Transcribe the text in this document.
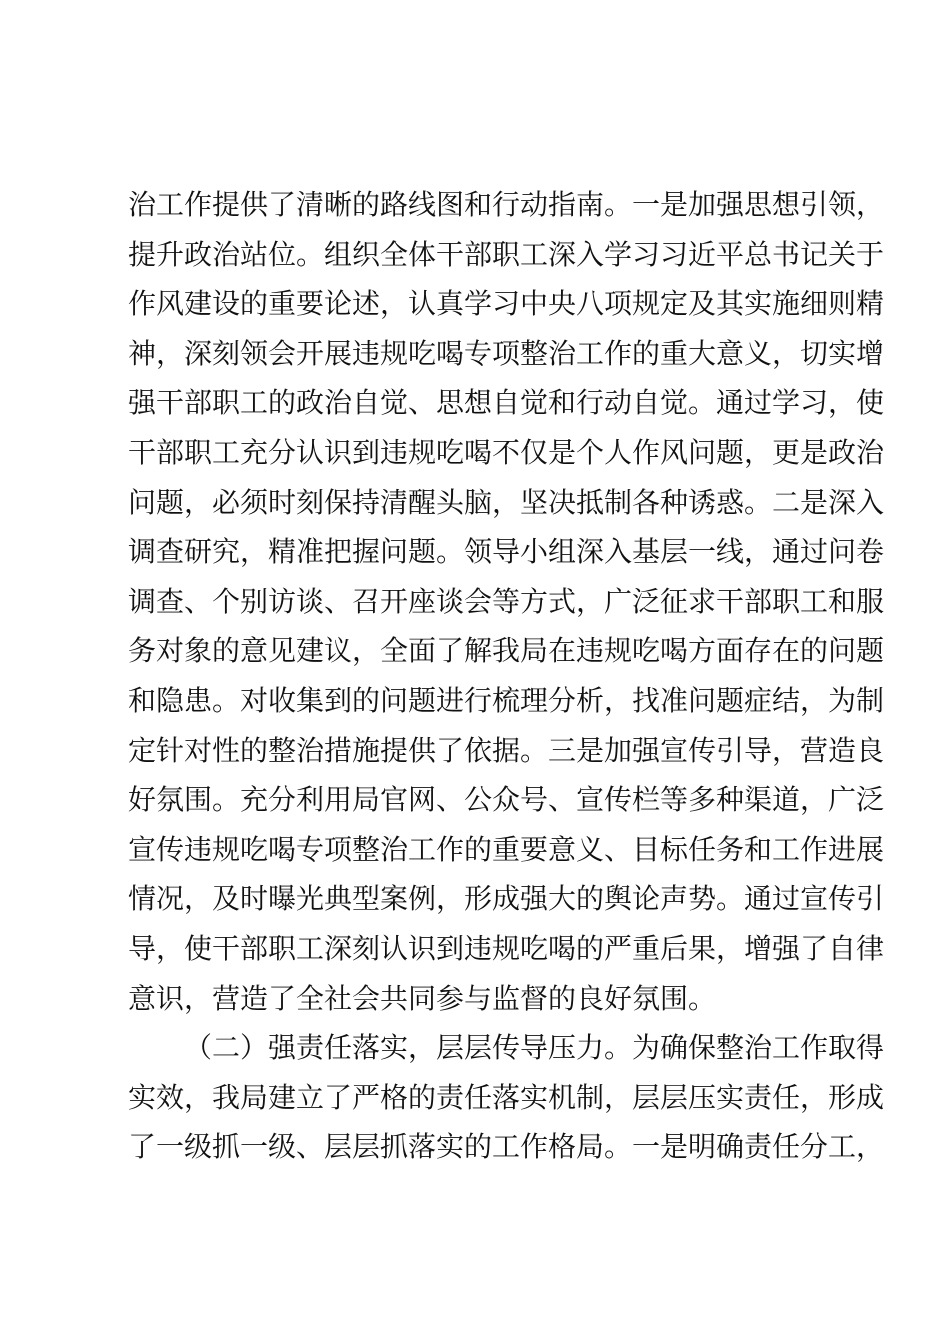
治工作提供了清晰的路线图和行动指南。一是加强思想引领，
提升政治站位。组织全体干部职工深入学习习近平总书记关于
作风建设的重要论述，认真学习中央八项规定及其实施细则精
神，深刻领会开展违规吃喝专项整治工作的重大意义，切实增
强干部职工的政治自觉、思想自觉和行动自觉。通过学习，使
干部职工充分认识到违规吃喝不仅是个人作风问题，更是政治
问题，必须时刻保持清醒头脑，坚决抵制各种诱惑。二是深入
调查研究，精准把握问题。领导小组深入基层一线，通过问卷
调查、个别访谈、召开座谈会等方式，广泛征求干部职工和服
务对象的意见建议，全面了解我局在违规吃喝方面存在的问题
和隐患。对收集到的问题进行梳理分析，找准问题症结，为制
定针对性的整治措施提供了依据。三是加强宣传引导，营造良
好氛围。充分利用局官网、公众号、宣传栏等多种渠道，广泛
宣传违规吃喝专项整治工作的重要意义、目标任务和工作进展
情况，及时曝光典型案例，形成强大的舆论声势。通过宣传引
导，使干部职工深刻认识到违规吃喝的严重后果，增强了自律
意识，营造了全社会共同参与监督的良好氛围。
（二）强责任落实，层层传导压力。为确保整治工作取得
实效，我局建立了严格的责任落实机制，层层压实责任，形成
了一级抓一级、层层抓落实的工作格局。一是明确责任分工，
